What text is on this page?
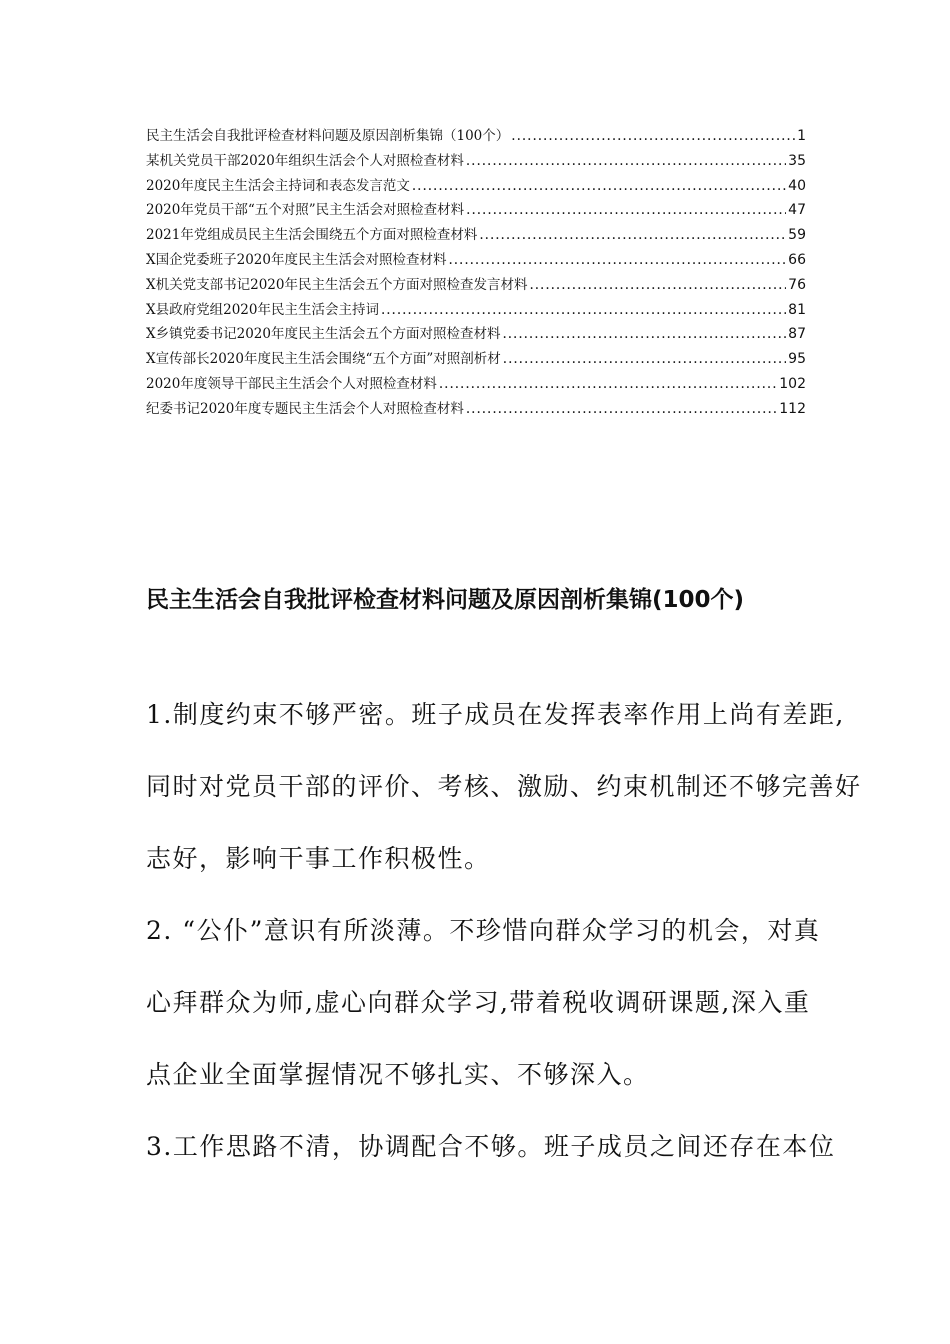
民主生活会自我批评检查材料问题及原因剖析集锦（100个） .....	1
某机关党员干部2020年组织生活会个人对照检查材料 .....	35
2020年度民主生活会主持词和表态发言范文 .....	40
2020年党员干部“五个对照”民主生活会对照检查材料 .....	47
2021年党组成员民主生活会围绕五个方面对照检查材料 .....	59
X国企党委班子2020年度民主生活会对照检查材料 .....	66
X机关党支部书记2020年民主生活会五个方面对照检查发言材料 .....	76
X县政府党组2020年民主生活会主持词 .....	81
X乡镇党委书记2020年度民主生活会五个方面对照检查材料 .....	87
X宣传部长2020年度民主生活会围绕“五个方面”对照剖析材 .....	95
2020年度领导干部民主生活会个人对照检查材料 .....	102
纪委书记2020年度专题民主生活会个人对照检查材料 .....	112
民主生活会自我批评检查材料问题及原因剖析集锦(100个)
1.制度约束不够严密。班子成员在发挥表率作用上尚有差距,
同时对党员干部的评价、考核、激励、约束机制还不够完善好
志好，影响干事工作积极性。
2. “公仆”意识有所淡薄。不珍惜向群众学习的机会，对真
心拜群众为师,虚心向群众学习,带着税收调研课题,深入重
点企业全面掌握情况不够扎实、不够深入。
3.工作思路不清，协调配合不够。班子成员之间还存在本位
